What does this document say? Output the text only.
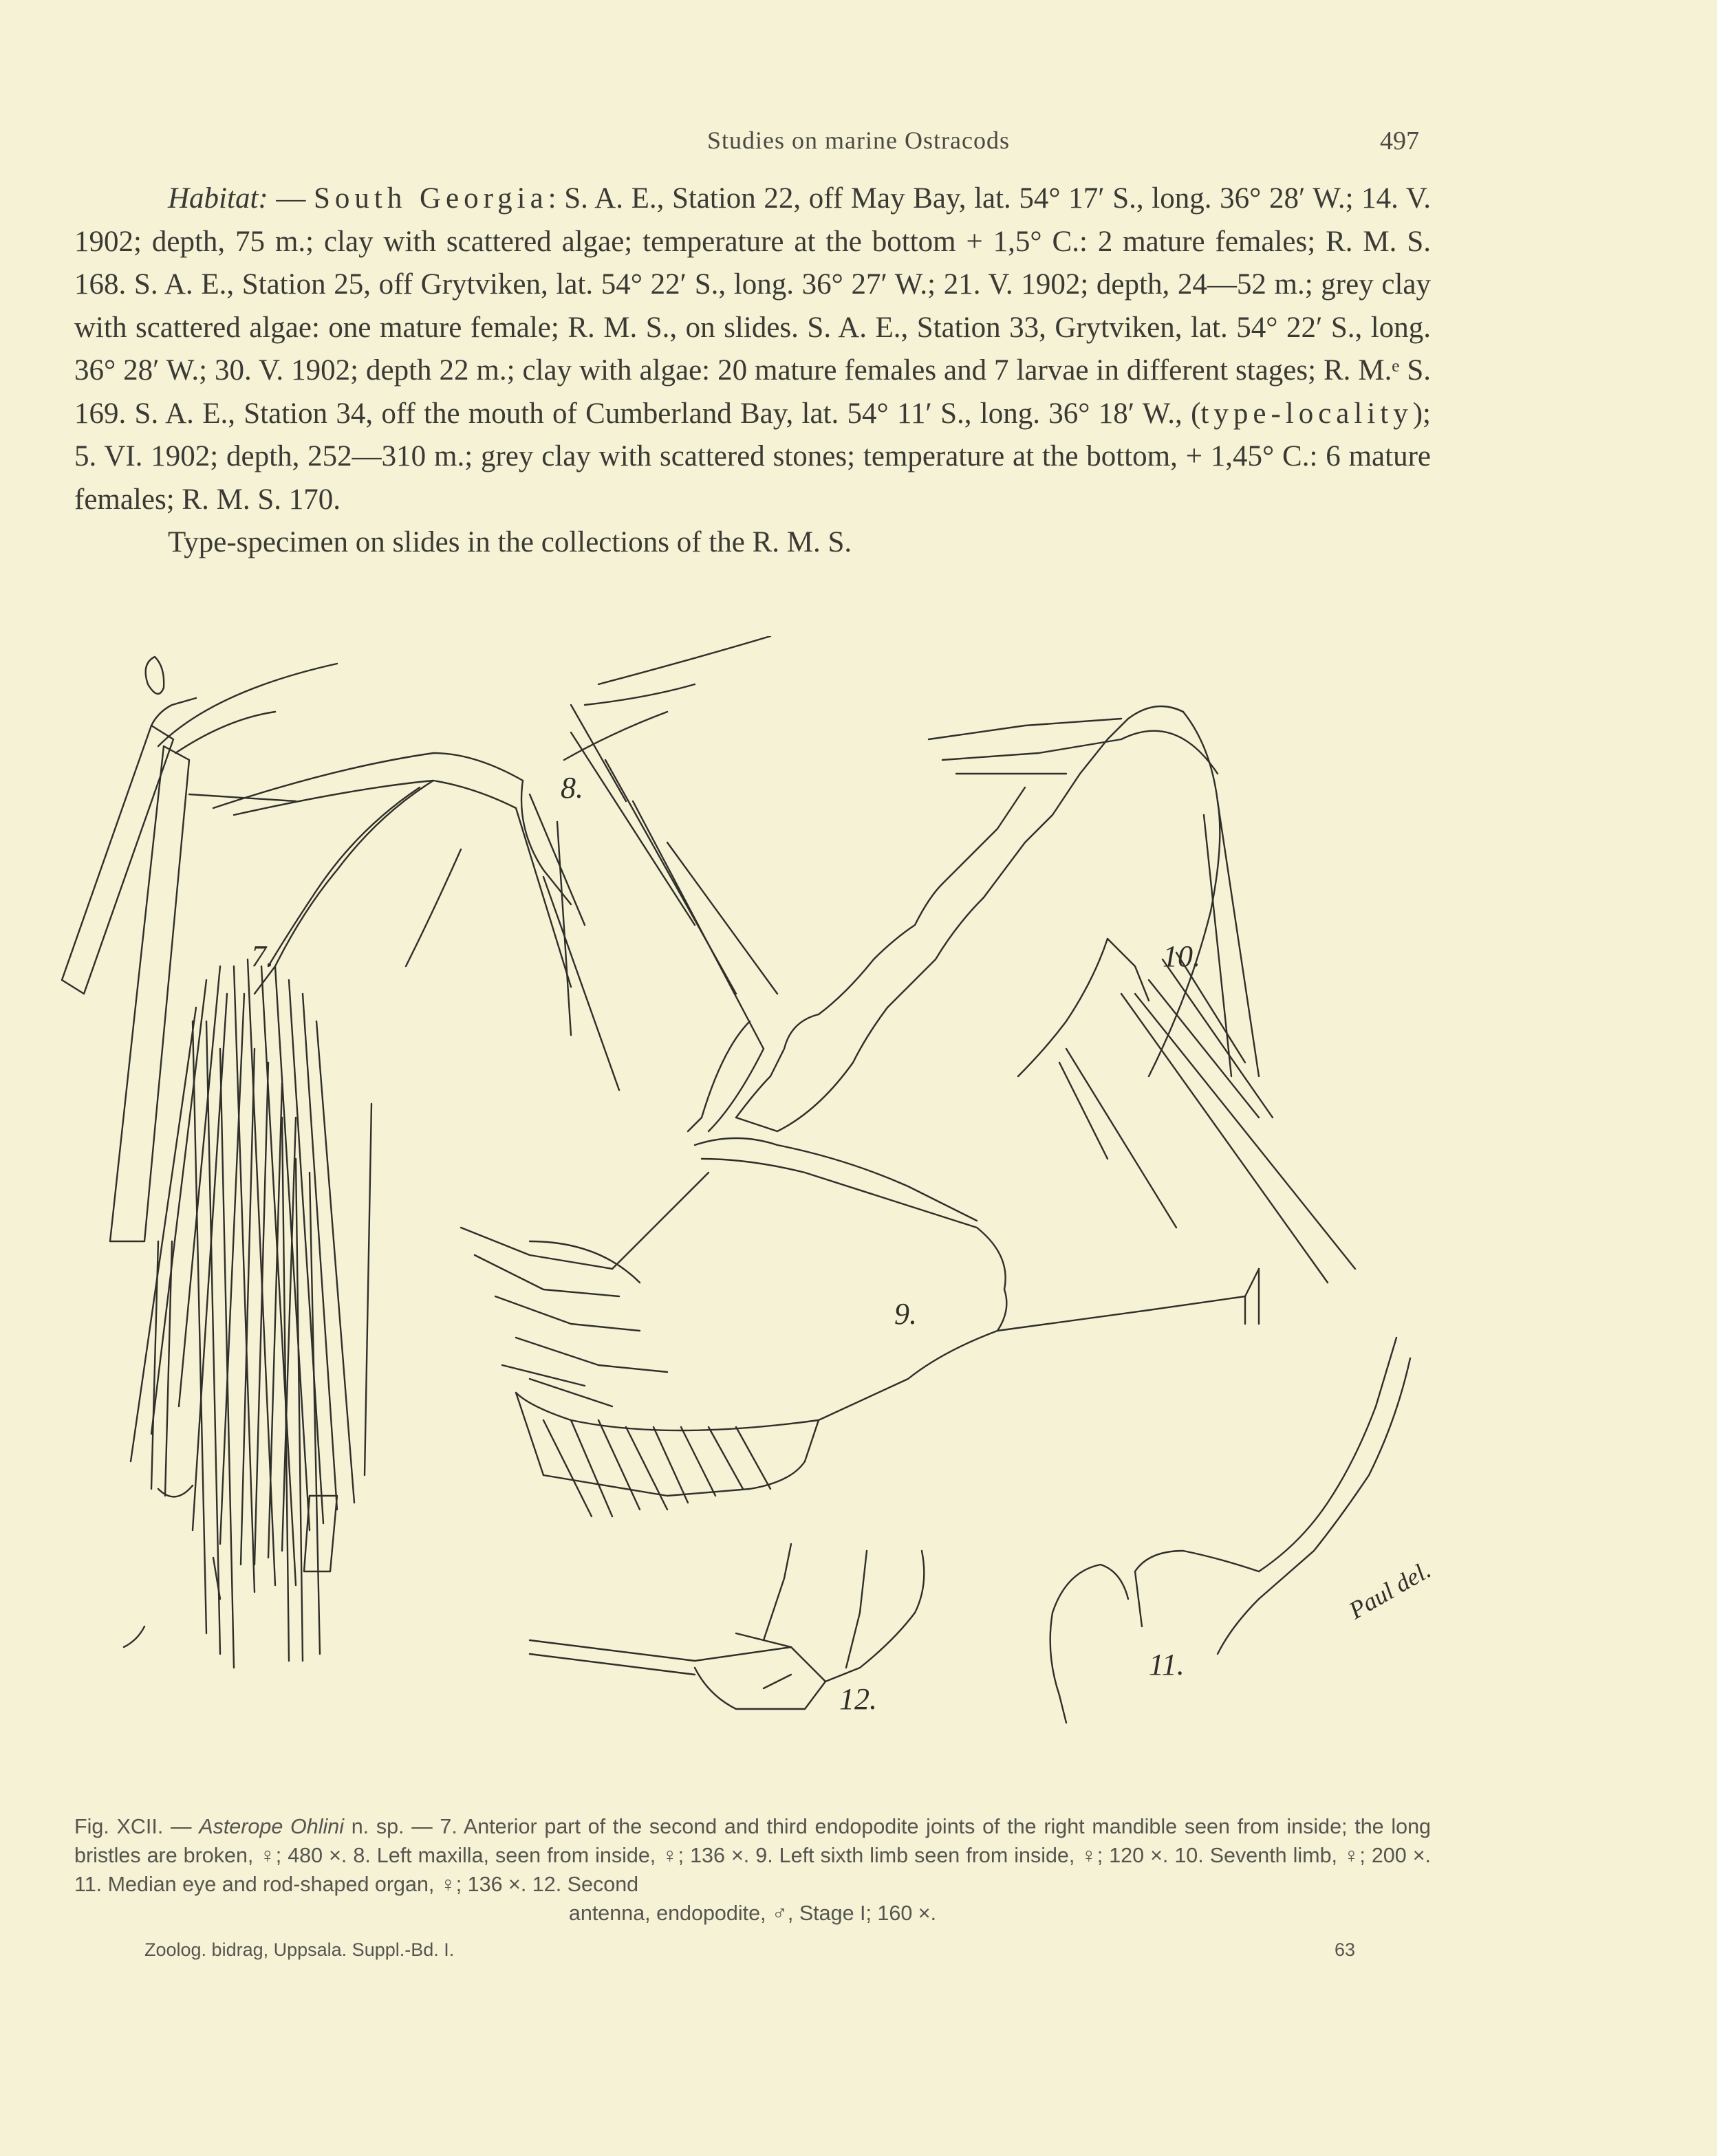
Studies on marine Ostracods	497

Habitat: — South Georgia: S. A. E., Station 22, off May Bay, lat. 54° 17′ S., long. 36° 28′ W.; 14. V. 1902; depth, 75 m.; clay with scattered algae; temperature at the bottom + 1,5° C.: 2 mature females; R. M. S. 168. S. A. E., Station 25, off Grytviken, lat. 54° 22′ S., long. 36° 27′ W.; 21. V. 1902; depth, 24—52 m.; grey clay with scattered algae: one mature female; R. M. S., on slides. S. A. E., Station 33, Grytviken, lat. 54° 22′ S., long. 36° 28′ W.; 30. V. 1902; depth 22 m.; clay with algae: 20 mature females and 7 larvae in different stages; R. M.ᵉ S. 169. S. A. E., Station 34, off the mouth of Cumberland Bay, lat. 54° 11′ S., long. 36° 18′ W., (type-locality); 5. VI. 1902; depth, 252—310 m.; grey clay with scattered stones; temperature at the bottom, + 1,45° C.: 6 mature females; R. M. S. 170.

Type-specimen on slides in the collections of the R. M. S.

7.
8.
9.
10.
11.
12.
Paul del.
Fig. XCII. — Asterope Ohlini n. sp. — 7. Anterior part of the second and third endopodite joints of the right mandible seen from inside; the long bristles are broken, ♀; 480 ×. 8. Left maxilla, seen from inside, ♀; 136 ×. 9. Left sixth limb seen from inside, ♀; 120 ×. 10. Seventh limb, ♀; 200 ×. 11. Median eye and rod-shaped organ, ♀; 136 ×. 12. Second
antenna, endopodite, ♂, Stage I; 160 ×.
Zoolog. bidrag, Uppsala. Suppl.-Bd. I.	63
